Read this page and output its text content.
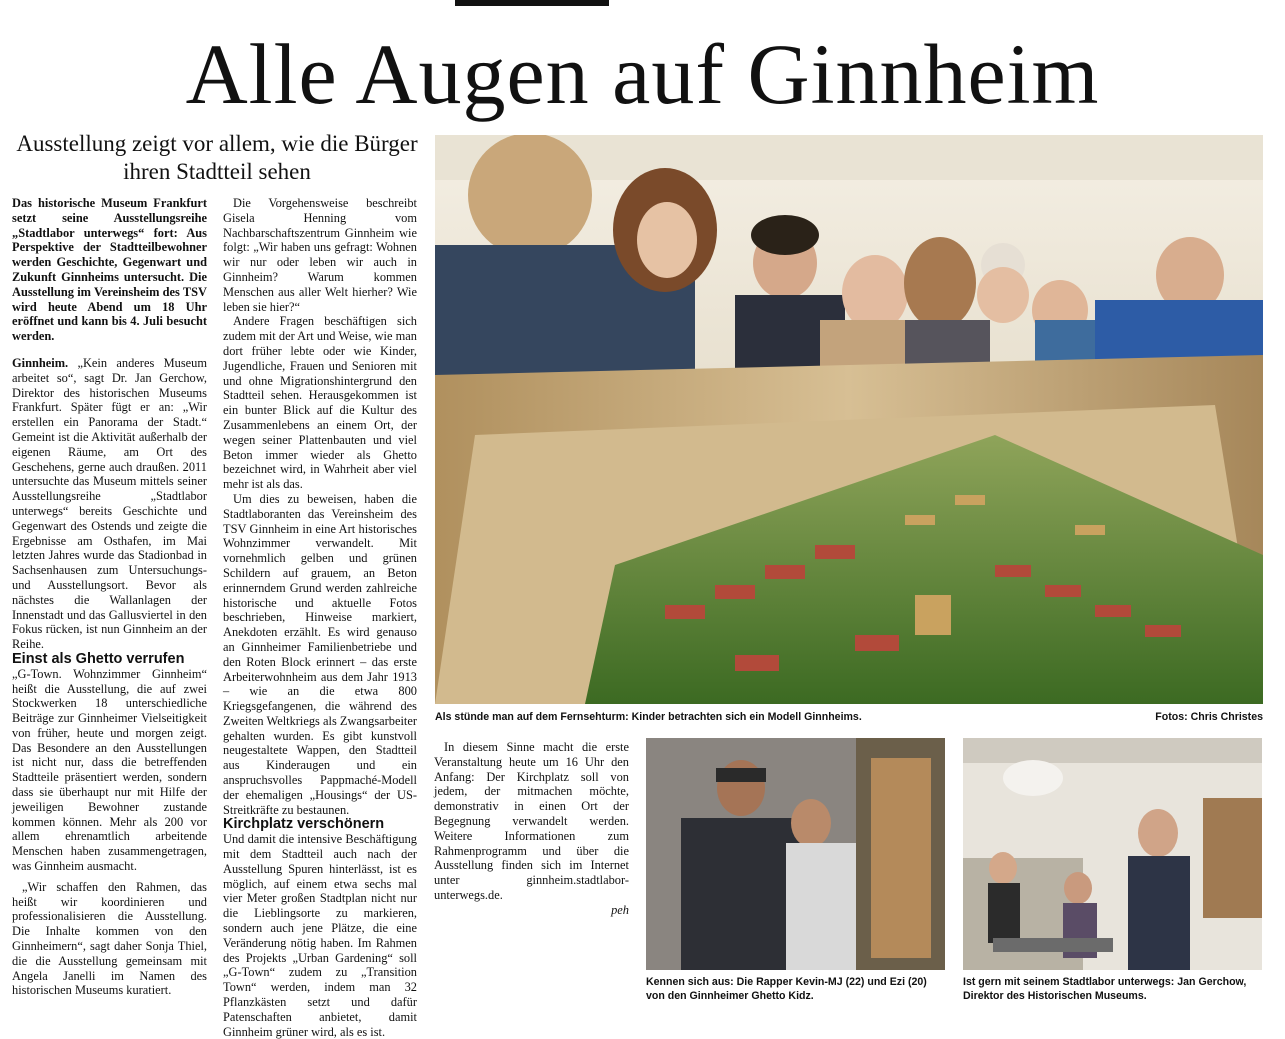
Alle Augen auf Ginnheim
Ausstellung zeigt vor allem, wie die Bürger ihren Stadtteil sehen

Das historische Museum Frankfurt setzt seine Ausstellungsreihe „Stadtlabor unterwegs“ fort: Aus Perspektive der Stadtteilbewohner werden Geschichte, Gegenwart und Zukunft Ginnheims untersucht. Die Ausstellung im Vereinsheim des TSV wird heute Abend um 18 Uhr eröffnet und kann bis 4. Juli besucht werden.

Ginnheim. „Kein anderes Museum arbeitet so“, sagt Dr. Jan Gerchow, Direktor des historischen Museums Frankfurt. Später fügt er an: „Wir erstellen ein Panorama der Stadt.“ Gemeint ist die Aktivität außerhalb der eigenen Räume, am Ort des Geschehens, gerne auch draußen. 2011 untersuchte das Museum mittels seiner Ausstellungsreihe „Stadtlabor unterwegs“ bereits Geschichte und Gegenwart des Ostends und zeigte die Ergebnisse am Osthafen, im Mai letzten Jahres wurde das Stadionbad in Sachsenhausen zum Untersuchungs- und Ausstellungsort. Bevor als nächstes die Wallanlagen der Innenstadt und das Gallusviertel in den Fokus rücken, ist nun Ginnheim an der Reihe.

Einst als Ghetto verrufen

„G-Town. Wohnzimmer Ginnheim“ heißt die Ausstellung, die auf zwei Stockwerken 18 unterschiedliche Beiträge zur Ginnheimer Vielseitigkeit von früher, heute und morgen zeigt. Das Besondere an den Ausstellungen ist nicht nur, dass die betreffenden Stadtteile präsentiert werden, sondern dass sie überhaupt nur mit Hilfe der jeweiligen Bewohner zustande kommen können. Mehr als 200 vor allem ehrenamtlich arbeitende Menschen haben zusammengetragen, was Ginnheim ausmacht.

„Wir schaffen den Rahmen, das heißt wir koordinieren und professionalisieren die Ausstellung. Die Inhalte kommen von den Ginnheimern“, sagt daher Sonja Thiel, die die Ausstellung gemeinsam mit Angela Janelli im Namen des historischen Museums kuratiert.

Die Vorgehensweise beschreibt Gisela Henning vom Nachbarschaftszentrum Ginnheim wie folgt: „Wir haben uns gefragt: Wohnen wir nur oder leben wir auch in Ginnheim? Warum kommen Menschen aus aller Welt hierher? Wie leben sie hier?“

Andere Fragen beschäftigen sich zudem mit der Art und Weise, wie man dort früher lebte oder wie Kinder, Jugendliche, Frauen und Senioren mit und ohne Migrationshintergrund den Stadtteil sehen. Herausgekommen ist ein bunter Blick auf die Kultur des Zusammenlebens an einem Ort, der wegen seiner Plattenbauten und viel Beton immer wieder als Ghetto bezeichnet wird, in Wahrheit aber viel mehr ist als das.

Um dies zu beweisen, haben die Stadtlaboranten das Vereinsheim des TSV Ginnheim in eine Art historisches Wohnzimmer verwandelt. Mit vornehmlich gelben und grünen Schildern auf grauem, an Beton erinnerndem Grund werden zahlreiche historische und aktuelle Fotos beschrieben, Hinweise markiert, Anekdoten erzählt. Es wird genauso an Ginnheimer Familienbetriebe und den Roten Block erinnert – das erste Arbeiterwohnheim aus dem Jahr 1913 – wie an die etwa 800 Kriegsgefangenen, die während des Zweiten Weltkriegs als Zwangsarbeiter gehalten wurden. Es gibt kunstvoll neugestaltete Wappen, den Stadtteil aus Kinderaugen und ein anspruchsvolles Pappmaché-Modell der ehemaligen „Housings“ der US-Streitkräfte zu bestaunen.

Kirchplatz verschönern

Und damit die intensive Beschäftigung mit dem Stadtteil auch nach der Ausstellung Spuren hinterlässt, ist es möglich, auf einem etwa sechs mal vier Meter großen Stadtplan nicht nur die Lieblingsorte zu markieren, sondern auch jene Plätze, die eine Veränderung nötig haben. Im Rahmen des Projekts „Urban Gardening“ soll „G-Town“ zudem zu „Transition Town“ werden, indem man 32 Pflanzkästen setzt und dafür Patenschaften anbietet, damit Ginnheim grüner wird, als es ist.

In diesem Sinne macht die erste Veranstaltung heute um 16 Uhr den Anfang: Der Kirchplatz soll von jedem, der mitmachen möchte, demonstrativ in einen Ort der Begegnung verwandelt werden. Weitere Informationen zum Rahmenprogramm und über die Ausstellung finden sich im Internet unter ginnheim.stadtlabor-unterwegs.de.

peh
Als stünde man auf dem Fernsehturm: Kinder betrachten sich ein Modell Ginnheims.	Fotos: Chris Christes
Kennen sich aus: Die Rapper Kevin-MJ (22) und Ezi (20) von den Ginnheimer Ghetto Kidz.
Ist gern mit seinem Stadtlabor unterwegs: Jan Gerchow, Direktor des Historischen Museums.
